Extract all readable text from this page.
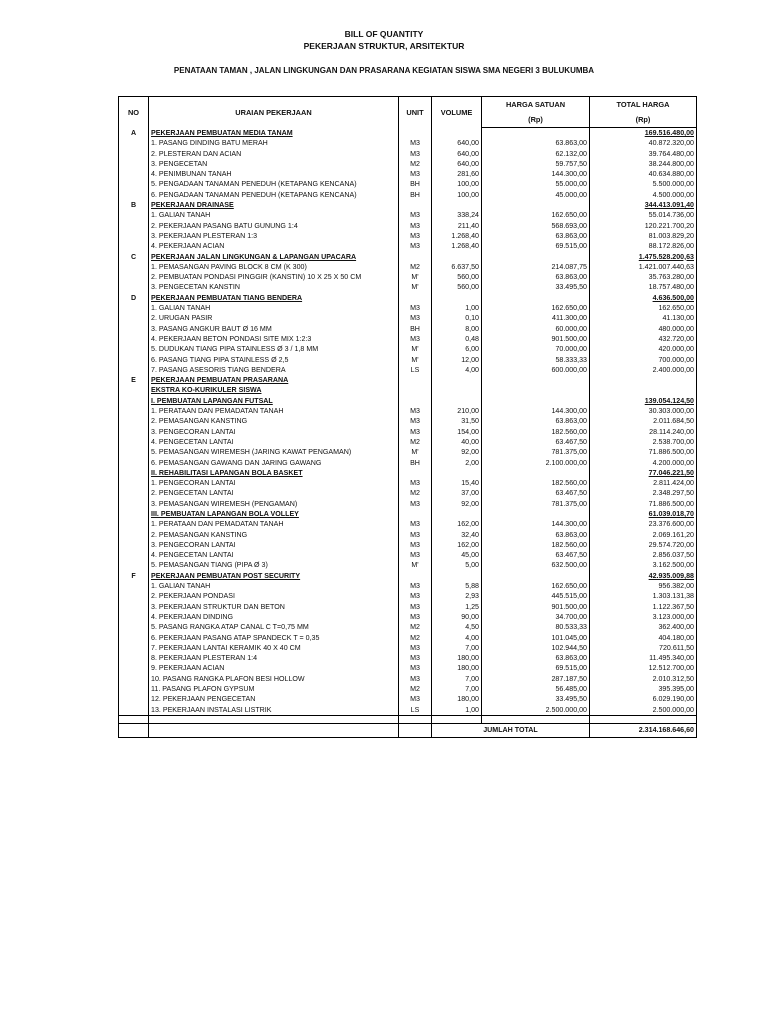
BILL OF QUANTITY
PEKERJAAN STRUKTUR, ARSITEKTUR
PENATAAN TAMAN , JALAN LINGKUNGAN DAN PRASARANA KEGIATAN SISWA SMA NEGERI 3 BULUKUMBA
NO	URAIAN PEKERJAAN	UNIT	VOLUME	HARGA SATUAN	TOTAL HARGA
				(Rp)	(Rp)
A	PEKERJAAN PEMBUATAN MEDIA TANAM				169.516.480,00
	1. PASANG DINDING BATU MERAH	M3	640,00	63.863,00	40.872.320,00
	2. PLESTERAN DAN ACIAN	M3	640,00	62.132,00	39.764.480,00
	3. PENGECETAN	M2	640,00	59.757,50	38.244.800,00
	4. PENIMBUNAN TANAH	M3	281,60	144.300,00	40.634.880,00
	5. PENGADAAN TANAMAN PENEDUH (KETAPANG KENCANA)	BH	100,00	55.000,00	5.500.000,00
	6. PENGADAAN TANAMAN PENEDUH (KETAPANG KENCANA)	BH	100,00	45.000,00	4.500.000,00
B	PEKERJAAN DRAINASE				344.413.091,40
	1. GALIAN TANAH	M3	338,24	162.650,00	55.014.736,00
	2. PEKERJAAN PASANG BATU GUNUNG 1:4	M3	211,40	568.693,00	120.221.700,20
	3. PEKERJAAN PLESTERAN 1:3	M3	1.268,40	63.863,00	81.003.829,20
	4. PEKERJAAN ACIAN	M3	1.268,40	69.515,00	88.172.826,00
C	PEKERJAAN JALAN LINGKUNGAN & LAPANGAN UPACARA				1.475.528.200,63
	1. PEMASANGAN PAVING BLOCK 8 CM (K 300)	M2	6.637,50	214.087,75	1.421.007.440,63
	2. PEMBUATAN PONDASI PINGGIR (KANSTIN) 10 X 25 X 50 CM	M'	560,00	63.863,00	35.763.280,00
	3. PENGECETAN KANSTIN	M'	560,00	33.495,50	18.757.480,00
D	PEKERJAAN PEMBUATAN TIANG BENDERA				4.636.500,00
	1. GALIAN TANAH	M3	1,00	162.650,00	162.650,00
	2. URUGAN PASIR	M3	0,10	411.300,00	41.130,00
	3. PASANG ANGKUR BAUT Ø 16 MM	BH	8,00	60.000,00	480.000,00
	4. PEKERJAAN BETON PONDASI SITE MIX 1:2:3	M3	0,48	901.500,00	432.720,00
	5. DUDUKAN TIANG PIPA STAINLESS Ø 3 / 1,8 MM	M'	6,00	70.000,00	420.000,00
	6. PASANG TIANG PIPA STAINLESS Ø 2,5	M'	12,00	58.333,33	700.000,00
	7. PASANG ASESORIS TIANG BENDERA	LS	4,00	600.000,00	2.400.000,00
E	PEKERJAAN PEMBUATAN PRASARANA				
	EKSTRA KO-KURIKULER SISWA				
	I. PEMBUATAN LAPANGAN FUTSAL				139.054.124,50
	1. PERATAAN DAN PEMADATAN TANAH	M3	210,00	144.300,00	30.303.000,00
	2. PEMASANGAN KANSTING	M3	31,50	63.863,00	2.011.684,50
	3. PENGECORAN LANTAI	M3	154,00	182.560,00	28.114.240,00
	4. PENGECETAN LANTAI	M2	40,00	63.467,50	2.538.700,00
	5. PEMASANGAN WIREMESH (JARING KAWAT PENGAMAN)	M'	92,00	781.375,00	71.886.500,00
	6. PEMASANGAN GAWANG DAN JARING GAWANG	BH	2,00	2.100.000,00	4.200.000,00
	II. REHABILITASI LAPANGAN BOLA BASKET				77.046.221,50
	1. PENGECORAN LANTAI	M3	15,40	182.560,00	2.811.424,00
	2. PENGECETAN LANTAI	M2	37,00	63.467,50	2.348.297,50
	3. PEMASANGAN WIREMESH (PENGAMAN)	M3	92,00	781.375,00	71.886.500,00
	III. PEMBUATAN LAPANGAN BOLA VOLLEY				61.039.018,70
	1. PERATAAN DAN PEMADATAN TANAH	M3	162,00	144.300,00	23.376.600,00
	2. PEMASANGAN KANSTING	M3	32,40	63.863,00	2.069.161,20
	3. PENGECORAN LANTAI	M3	162,00	182.560,00	29.574.720,00
	4. PENGECETAN LANTAI	M3	45,00	63.467,50	2.856.037,50
	5. PEMASANGAN TIANG (PIPA Ø 3)	M'	5,00	632.500,00	3.162.500,00
F	PEKERJAAN PEMBUATAN POST SECURITY				42.935.009,88
	1. GALIAN TANAH	M3	5,88	162.650,00	956.382,00
	2. PEKERJAAN PONDASI	M3	2,93	445.515,00	1.303.131,38
	3. PEKERJAAN STRUKTUR DAN BETON	M3	1,25	901.500,00	1.122.367,50
	4. PEKERJAAN DINDING	M3	90,00	34.700,00	3.123.000,00
	5. PASANG RANGKA ATAP CANAL C T=0,75 MM	M2	4,50	80.533,33	362.400,00
	6. PEKERJAAN PASANG ATAP SPANDECK T = 0,35	M2	4,00	101.045,00	404.180,00
	7. PEKERJAAN LANTAI KERAMIK 40 X 40 CM	M3	7,00	102.944,50	720.611,50
	8. PEKERJAAN PLESTERAN 1:4	M3	180,00	63.863,00	11.495.340,00
	9. PEKERJAAN ACIAN	M3	180,00	69.515,00	12.512.700,00
	10. PASANG RANGKA PLAFON BESI HOLLOW	M3	7,00	287.187,50	2.010.312,50
	11. PASANG PLAFON GYPSUM	M2	7,00	56.485,00	395.395,00
	12. PEKERJAAN PENGECETAN	M3	180,00	33.495,50	6.029.190,00
	13. PEKERJAAN INSTALASI LISTRIK	LS	1,00	2.500.000,00	2.500.000,00

			JUMLAH TOTAL		2.314.168.646,60
